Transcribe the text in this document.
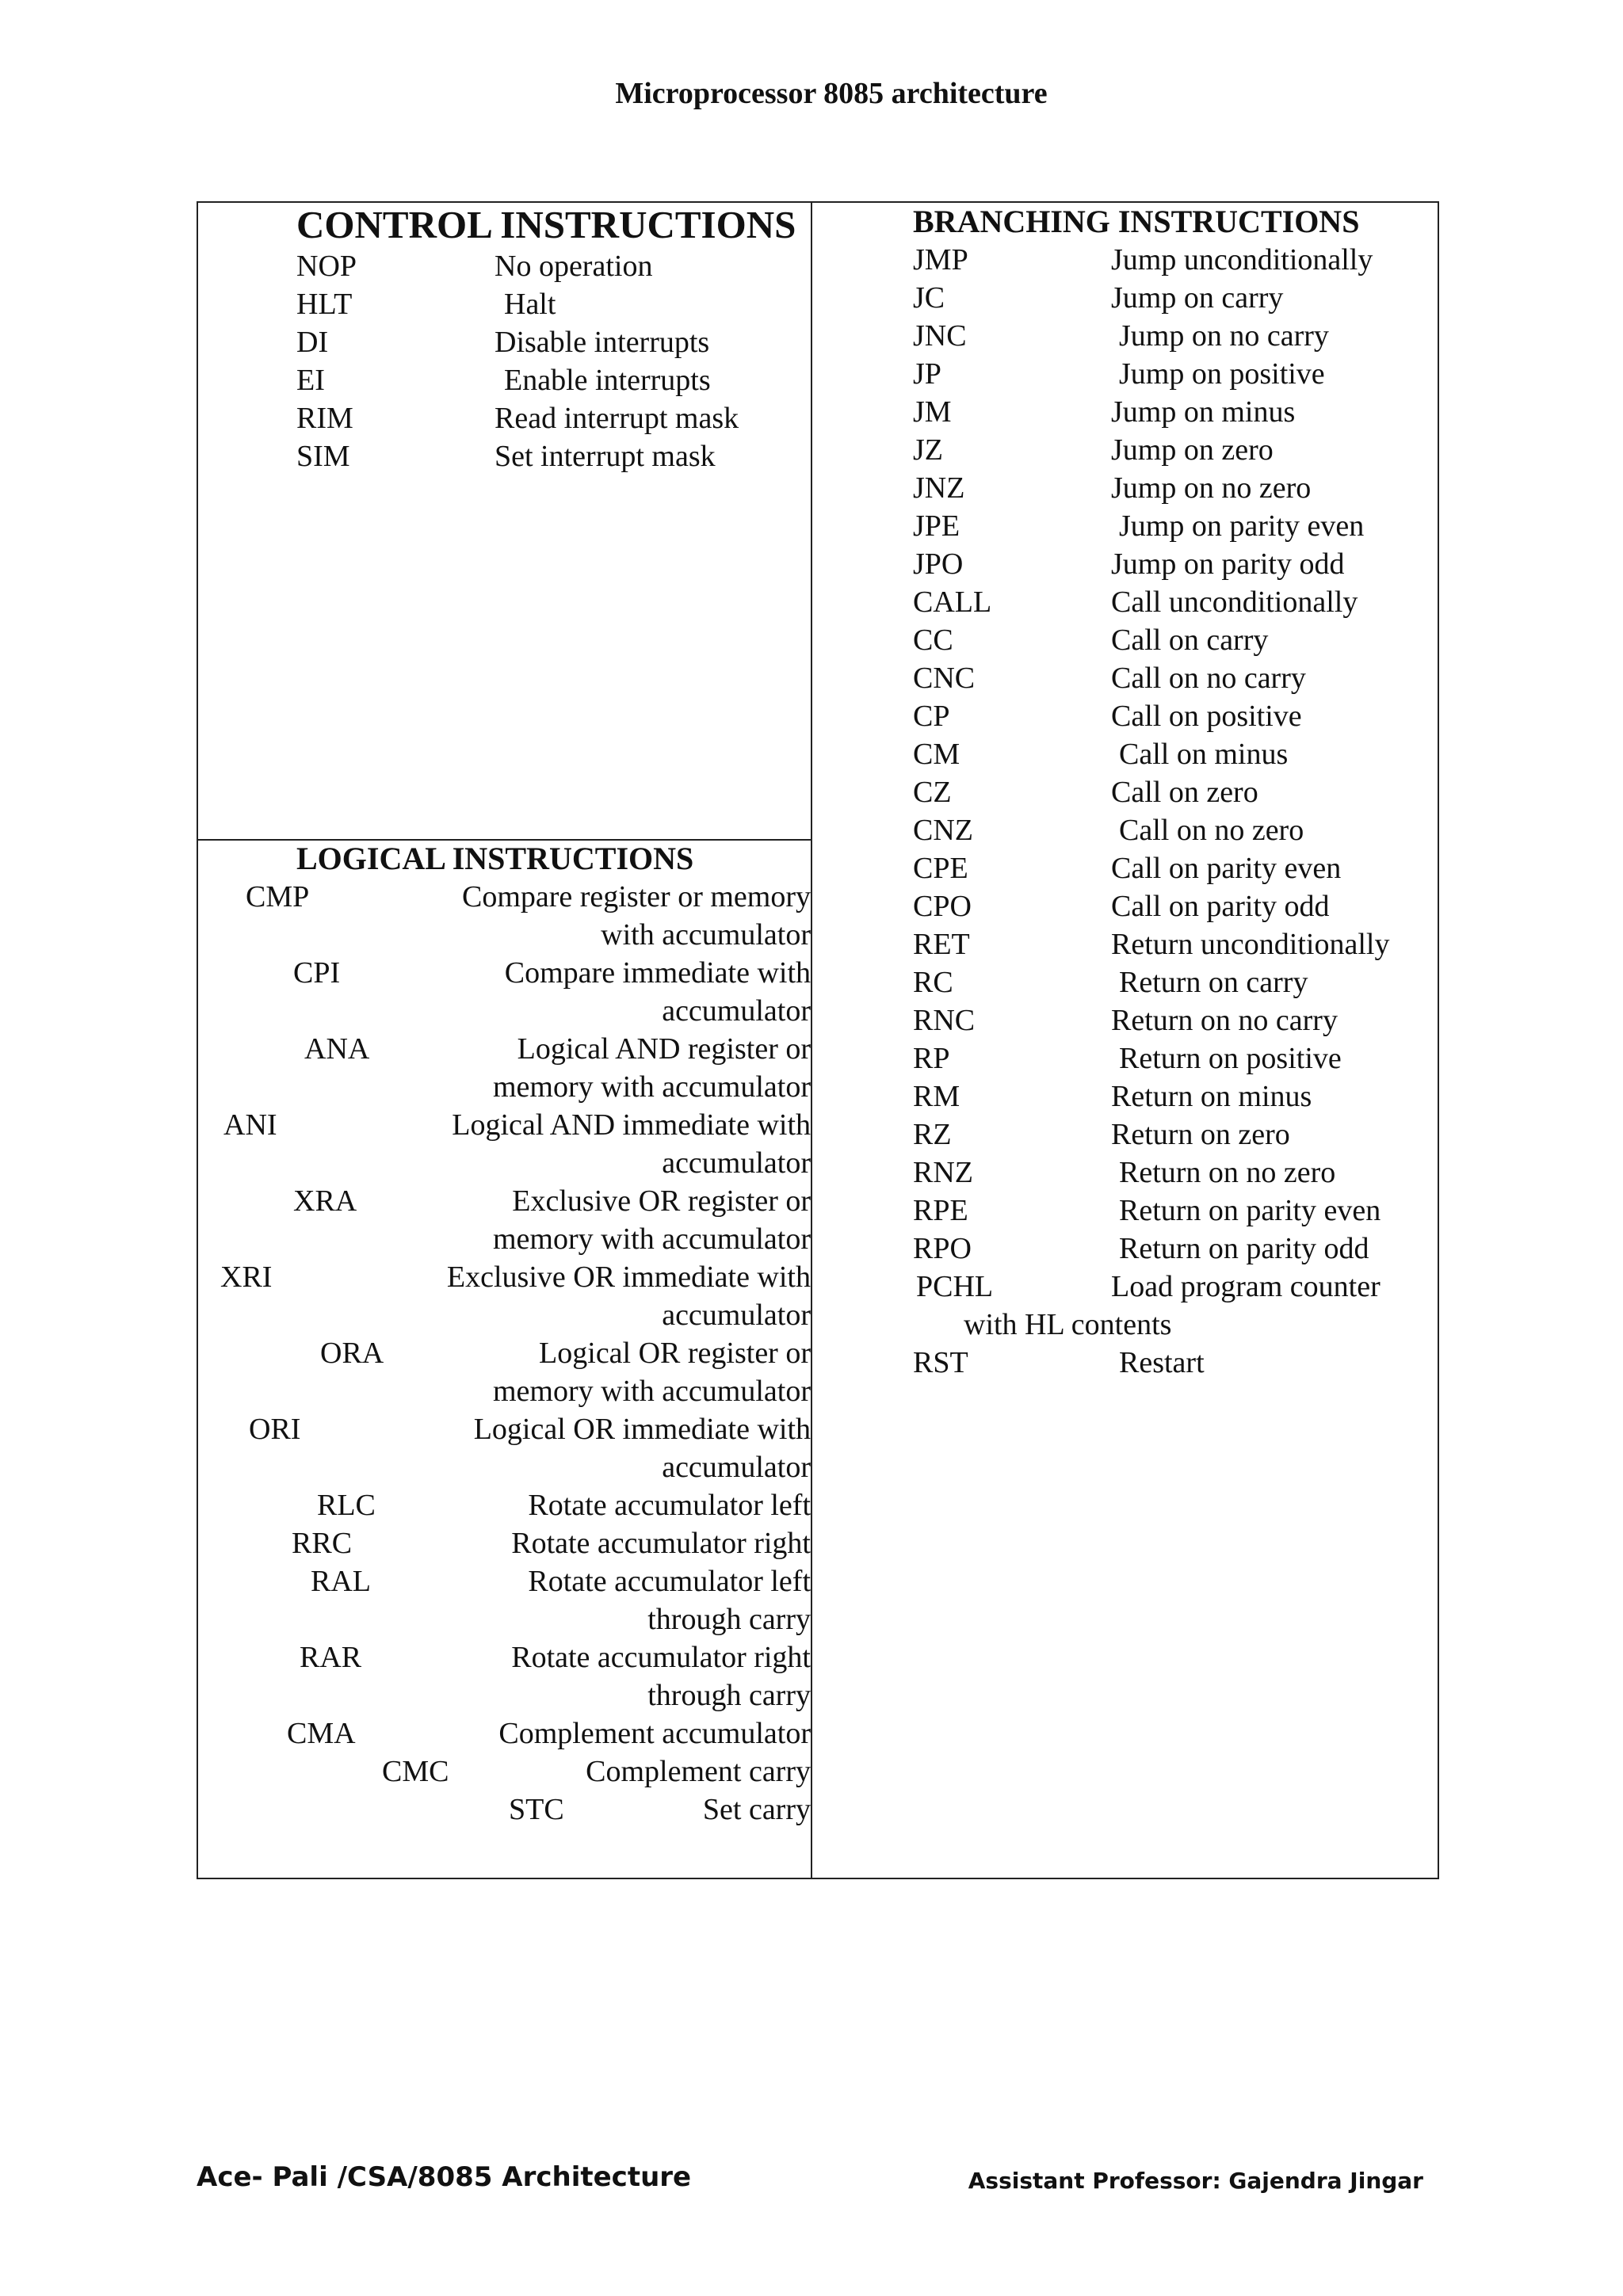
Microprocessor 8085 architecture
CONTROL INSTRUCTIONS
NOP	No operation
HLT	Halt
DI	Disable interrupts
EI	Enable interrupts
RIM	Read interrupt mask
SIM	Set interrupt mask
LOGICAL INSTRUCTIONS
CMP	Compare register or memory
with accumulator
CPI	Compare immediate with
accumulator
ANA	Logical AND register or
memory with accumulator
ANI	Logical AND immediate with
accumulator
XRA	Exclusive OR register or
memory with accumulator
XRI	Exclusive OR immediate with
accumulator
ORA	Logical OR register or
memory with accumulator
ORI	Logical OR immediate with
accumulator
RLC	Rotate accumulator left
RRC	Rotate accumulator right
RAL	Rotate accumulator left
through carry
RAR	Rotate accumulator right
through carry
CMA	Complement accumulator
CMC	Complement carry
STC	Set carry
BRANCHING INSTRUCTIONS
JMP	Jump unconditionally
JC	Jump on carry
JNC	Jump on no carry
JP	Jump on positive
JM	Jump on minus
JZ	Jump on zero
JNZ	Jump on no zero
JPE	Jump on parity even
JPO	Jump on parity odd
CALL	Call unconditionally
CC	Call on carry
CNC	Call on no carry
CP	Call on positive
CM	Call on minus
CZ	Call on zero
CNZ	Call on no zero
CPE	Call on parity even
CPO	Call on parity odd
RET	Return unconditionally
RC	Return on carry
RNC	Return on no carry
RP	Return on positive
RM	Return on minus
RZ	Return on zero
RNZ	Return on no zero
RPE	Return on parity even
RPO	Return on parity odd
PCHL	Load program counter
with HL contents
RST	Restart
Ace- Pali /CSA/8085 Architecture	Assistant Professor: Gajendra Jingar
